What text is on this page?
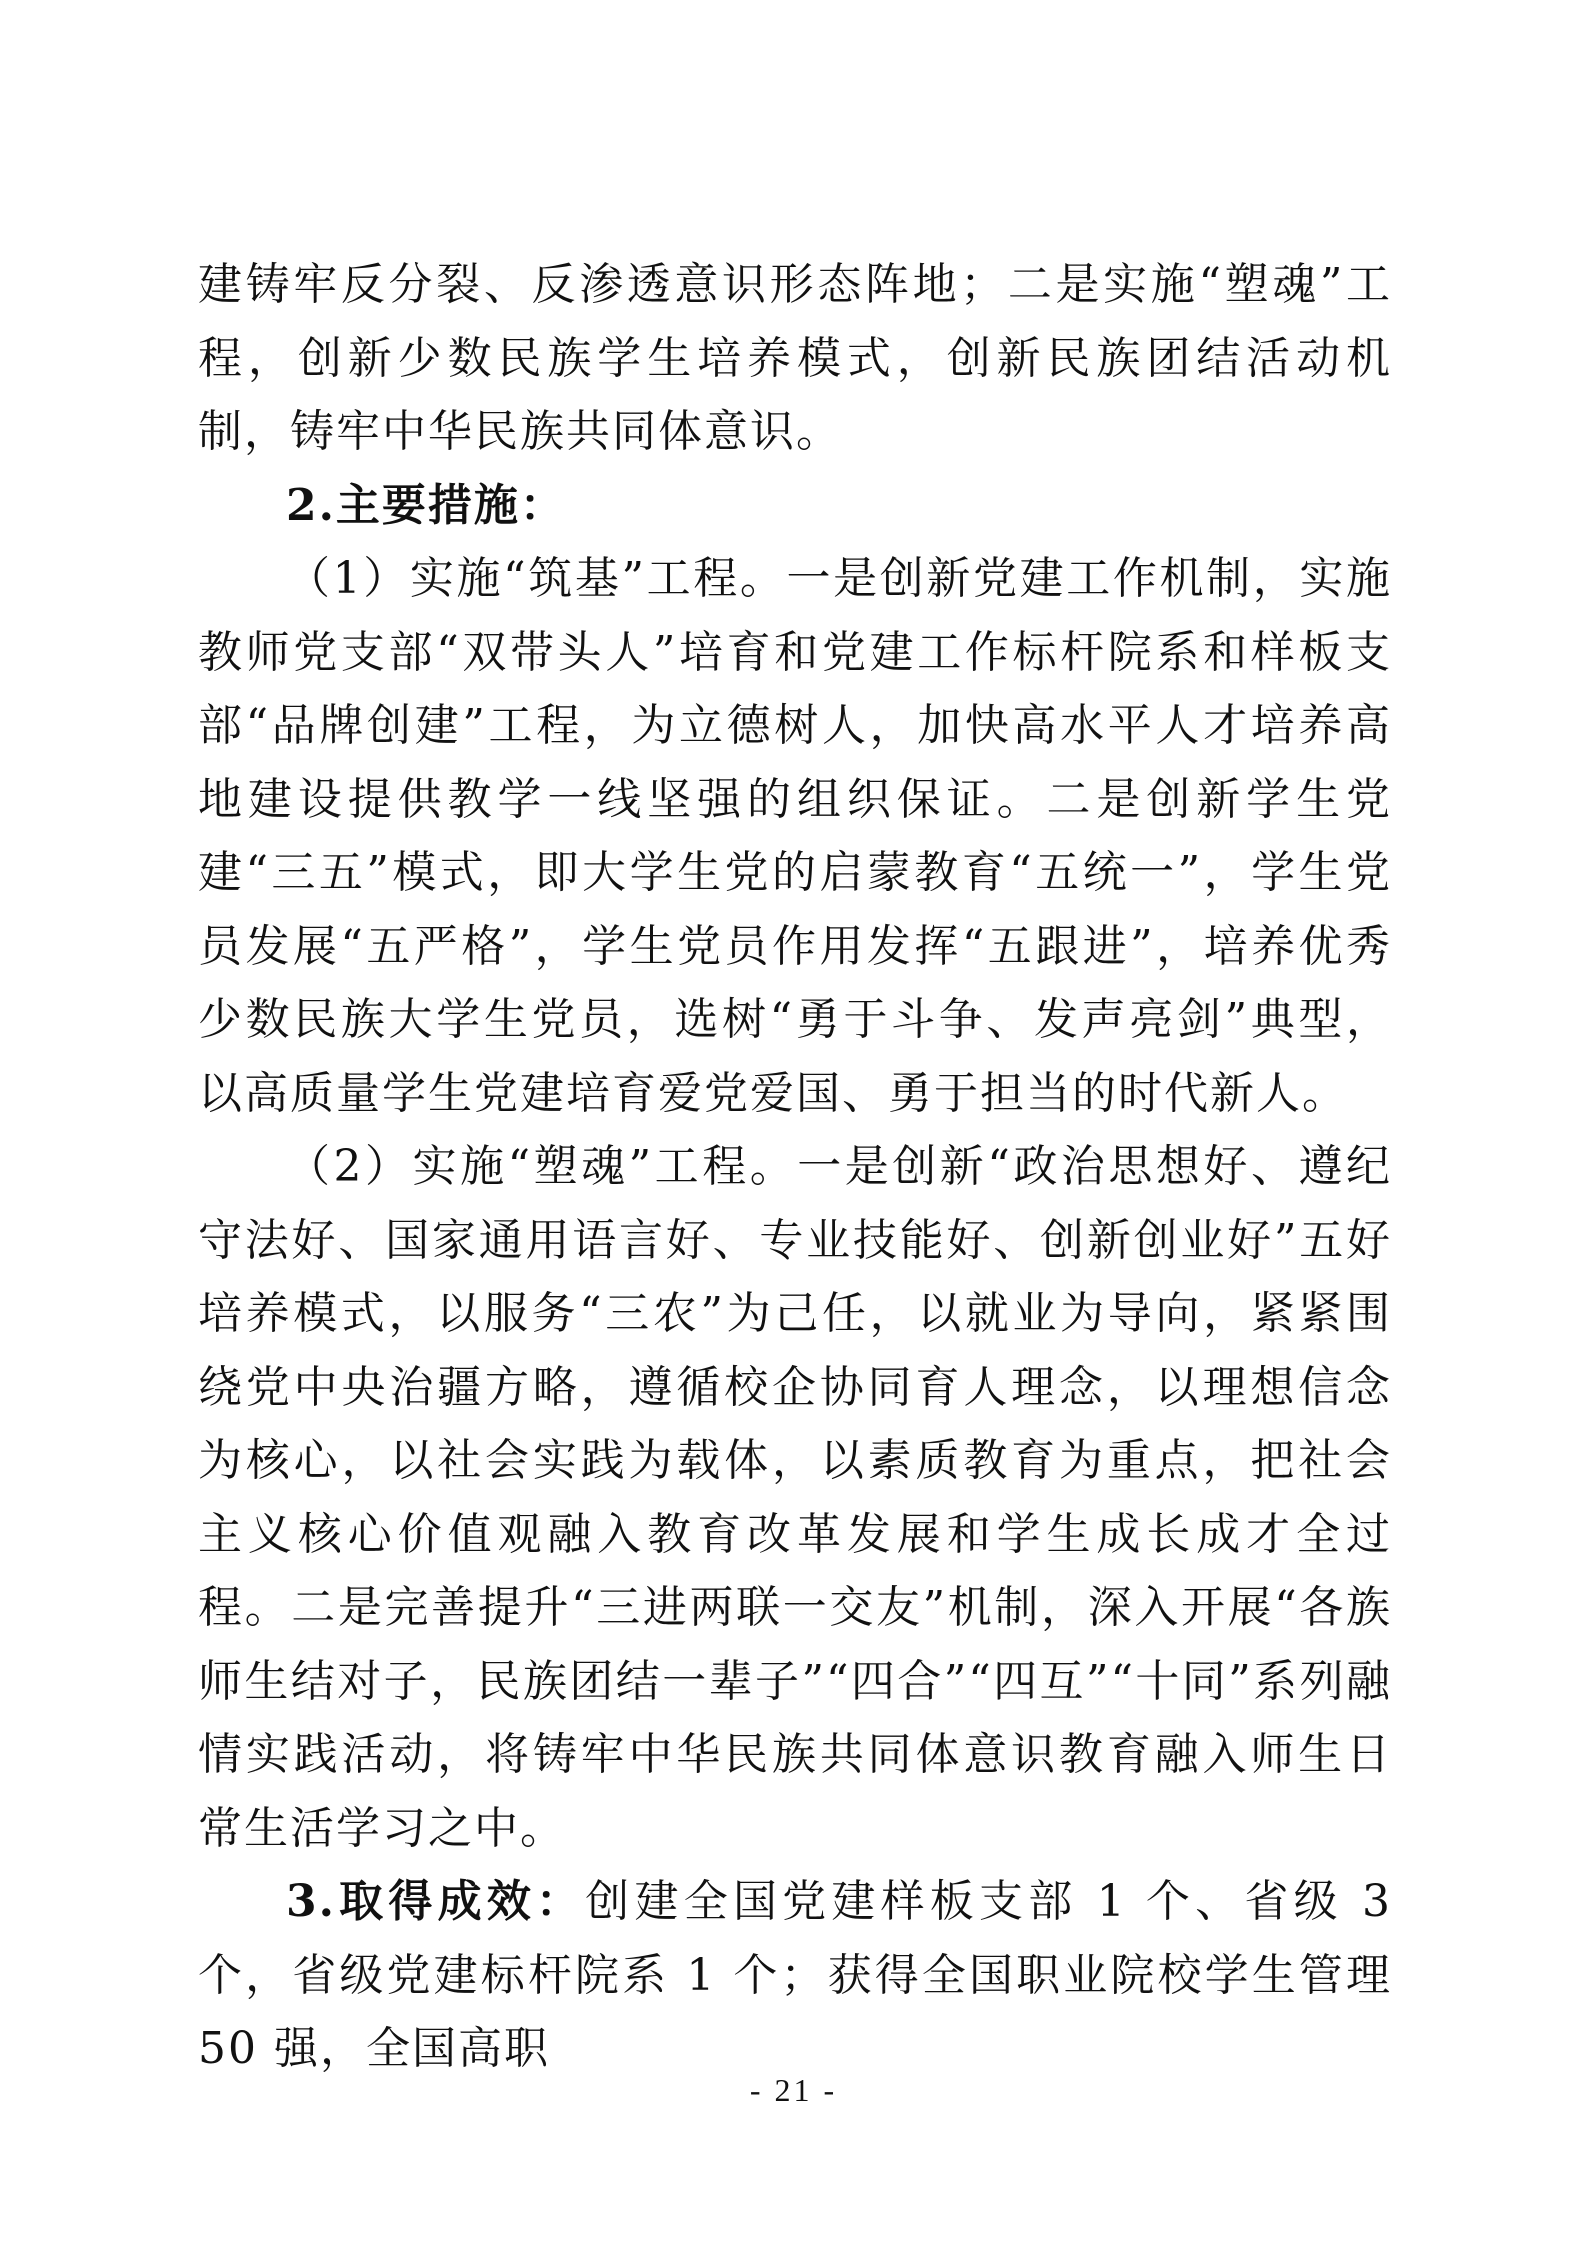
建铸牢反分裂、反渗透意识形态阵地；二是实施“塑魂”工程，创新少数民族学生培养模式，创新民族团结活动机制，铸牢中华民族共同体意识。

2.主要措施：

（1）实施“筑基”工程。一是创新党建工作机制，实施教师党支部“双带头人”培育和党建工作标杆院系和样板支部“品牌创建”工程，为立德树人，加快高水平人才培养高地建设提供教学一线坚强的组织保证。二是创新学生党建“三五”模式，即大学生党的启蒙教育“五统一”，学生党员发展“五严格”，学生党员作用发挥“五跟进”，培养优秀少数民族大学生党员，选树“勇于斗争、发声亮剑”典型，以高质量学生党建培育爱党爱国、勇于担当的时代新人。

（2）实施“塑魂”工程。一是创新“政治思想好、遵纪守法好、国家通用语言好、专业技能好、创新创业好”五好培养模式，以服务“三农”为己任，以就业为导向，紧紧围绕党中央治疆方略，遵循校企协同育人理念，以理想信念为核心，以社会实践为载体，以素质教育为重点，把社会主义核心价值观融入教育改革发展和学生成长成才全过程。二是完善提升“三进两联一交友”机制，深入开展“各族师生结对子，民族团结一辈子”“四合”“四互”“十同”系列融情实践活动，将铸牢中华民族共同体意识教育融入师生日常生活学习之中。

3.取得成效：创建全国党建样板支部 1 个、省级 3 个，省级党建标杆院系 1 个；获得全国职业院校学生管理 50 强，全国高职

- 21 -
